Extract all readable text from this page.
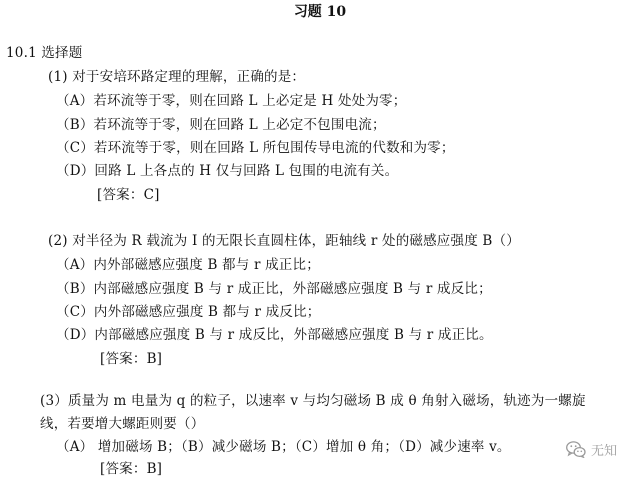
习题 10
10.1 选择题
(1) 对于安培环路定理的理解，正确的是：
（A）若环流等于零，则在回路 L 上必定是 H 处处为零；
（B）若环流等于零，则在回路 L 上必定不包围电流；
（C）若环流等于零，则在回路 L 所包围传导电流的代数和为零；
（D）回路 L 上各点的 H 仅与回路 L 包围的电流有关。
[答案：C]
(2) 对半径为 R 载流为 I 的无限长直圆柱体，距轴线 r 处的磁感应强度 B（）
（A）内外部磁感应强度 B 都与 r 成正比；
（B）内部磁感应强度 B 与 r 成正比，外部磁感应强度 B 与 r 成反比；
（C）内外部磁感应强度 B 都与 r 成反比；
（D）内部磁感应强度 B 与 r 成反比，外部磁感应强度 B 与 r 成正比。
[答案：B]
(3）质量为 m 电量为 q 的粒子，以速率 v 与均匀磁场 B 成 θ 角射入磁场，轨迹为一螺旋
线，若要增大螺距则要（）
（A） 增加磁场 B；（B）减少磁场 B；（C）增加 θ 角；（D）减少速率 v。
[答案：B]
无知
